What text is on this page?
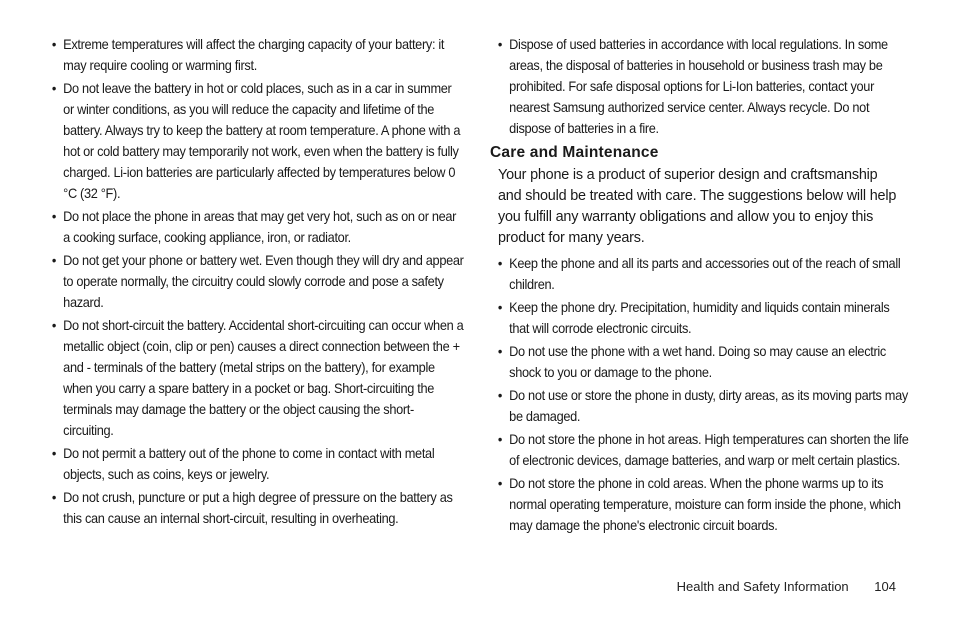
• Extreme temperatures will affect the charging capacity of your battery: it may require cooling or warming first.
• Do not leave the battery in hot or cold places, such as in a car in summer or winter conditions, as you will reduce the capacity and lifetime of the battery. Always try to keep the battery at room temperature. A phone with a hot or cold battery may temporarily not work, even when the battery is fully charged. Li-ion batteries are particularly affected by temperatures below 0 °C (32 °F).
• Do not place the phone in areas that may get very hot, such as on or near a cooking surface, cooking appliance, iron, or radiator.
• Do not get your phone or battery wet. Even though they will dry and appear to operate normally, the circuitry could slowly corrode and pose a safety hazard.
• Do not short-circuit the battery. Accidental short-circuiting can occur when a metallic object (coin, clip or pen) causes a direct connection between the + and - terminals of the battery (metal strips on the battery), for example when you carry a spare battery in a pocket or bag. Short-circuiting the terminals may damage the battery or the object causing the short-circuiting.
• Do not permit a battery out of the phone to come in contact with metal objects, such as coins, keys or jewelry.
• Do not crush, puncture or put a high degree of pressure on the battery as this can cause an internal short-circuit, resulting in overheating.
• Dispose of used batteries in accordance with local regulations. In some areas, the disposal of batteries in household or business trash may be prohibited. For safe disposal options for Li-Ion batteries, contact your nearest Samsung authorized service center. Always recycle. Do not dispose of batteries in a fire.
Care and Maintenance

Your phone is a product of superior design and craftsmanship and should be treated with care. The suggestions below will help you fulfill any warranty obligations and allow you to enjoy this product for many years.

• Keep the phone and all its parts and accessories out of the reach of small children.
• Keep the phone dry. Precipitation, humidity and liquids contain minerals that will corrode electronic circuits.
• Do not use the phone with a wet hand. Doing so may cause an electric shock to you or damage to the phone.
• Do not use or store the phone in dusty, dirty areas, as its moving parts may be damaged.
• Do not store the phone in hot areas. High temperatures can shorten the life of electronic devices, damage batteries, and warp or melt certain plastics.
• Do not store the phone in cold areas. When the phone warms up to its normal operating temperature, moisture can form inside the phone, which may damage the phone's electronic circuit boards.
Health and Safety Information 104
